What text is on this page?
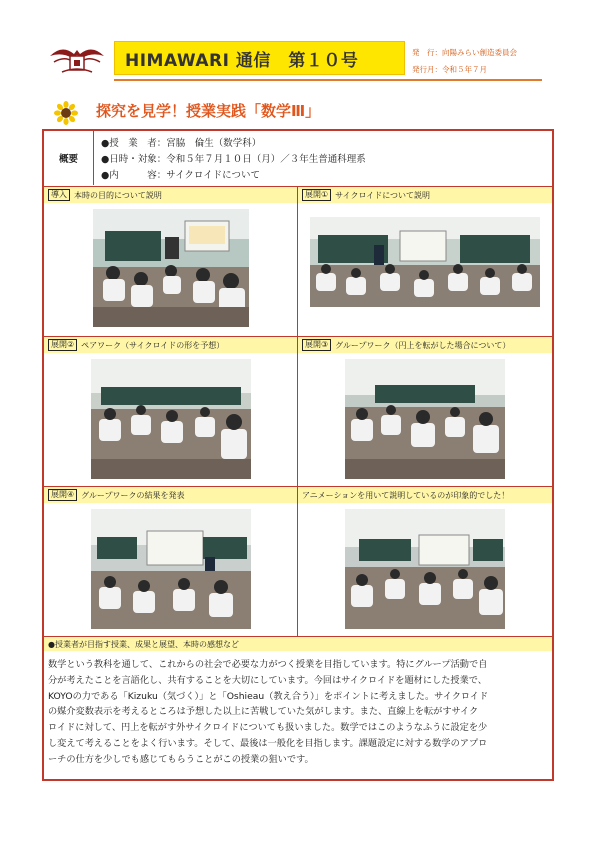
HIMAWARI 通信　第１０号	発　行：向陽みらい創造委員会
発行月：令和５年７月
探究を見学！授業実践「数学Ⅲ」
概要
●授　業　者：宮脇　倫生（数学科）
●日時・対象：令和５年７月１０日（月）／３年生普通科理系
●内　　　容：サイクロイドについて
導入 本時の目的について説明	展開① サイクロイドについて説明
展開② ペアワーク（サイクロイドの形を予想）	展開③ グループワーク（円上を転がした場合について）
展開④ グループワークの結果を発表	アニメーションを用いて説明しているのが印象的でした！
●授業者が目指す授業、成果と展望、本時の感想など
数学という教科を通して、これからの社会で必要な力がつく授業を目指しています。特にグループ活動で自
分が考えたことを言語化し、共有することを大切にしています。今回はサイクロイドを題材にした授業で、
KOYOの力である「Kizuku（気づく）」と「Oshieau（教え合う）」をポイントに考えました。サイクロイド
の媒介変数表示を考えるところは予想した以上に苦戦していた気がします。また、直線上を転がすサイク
ロイドに対して、円上を転がす外サイクロイドについても扱いました。数学ではこのようなふうに設定を少
し変えて考えることをよく行います。そして、最後は一般化を目指します。課題設定に対する数学のアプロ
ーチの仕方を少しでも感じてもらうことがこの授業の狙いです。
